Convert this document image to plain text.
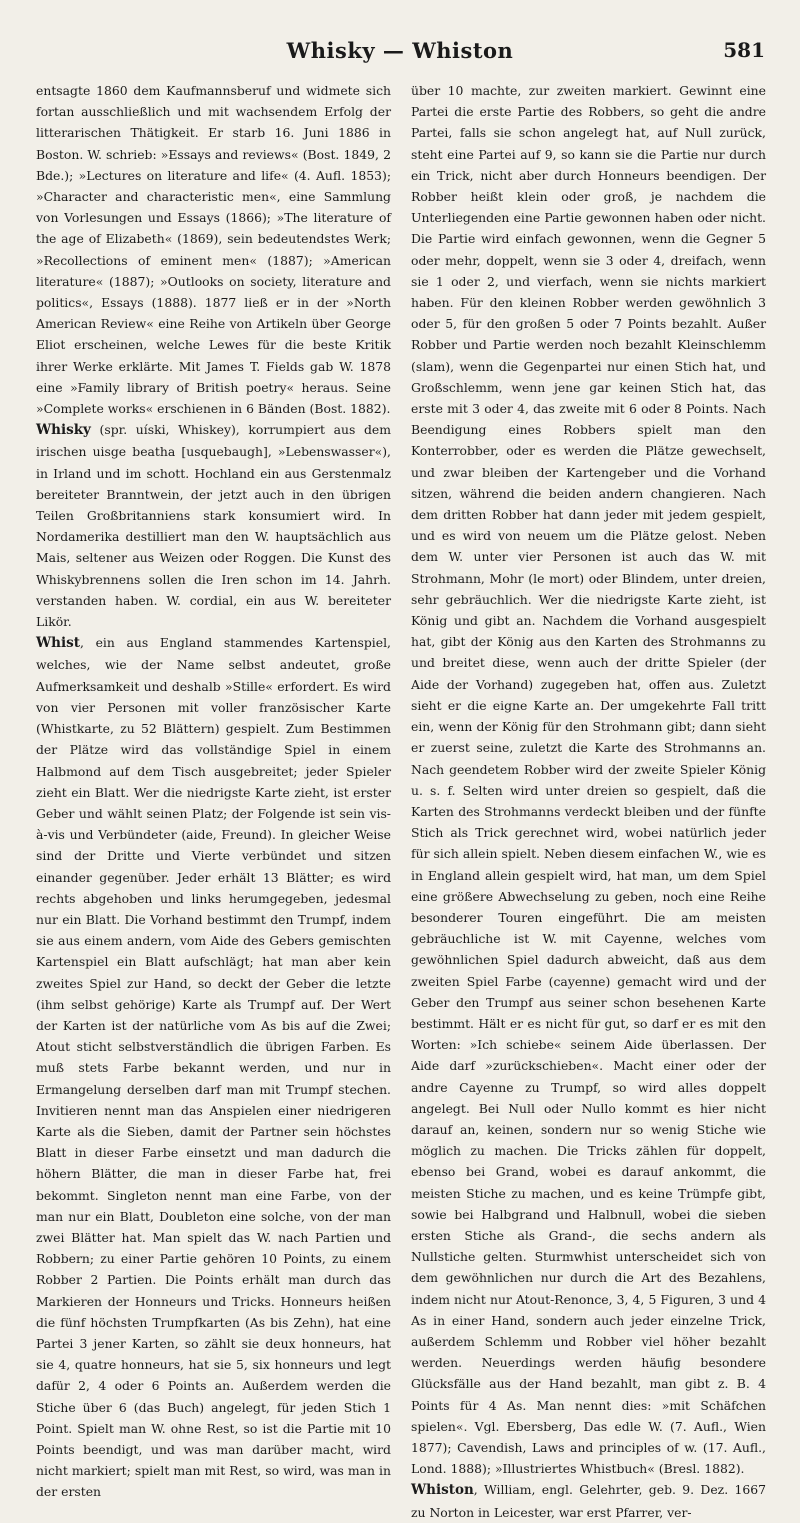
Whisky — Whiston	581

entsagte 1860 dem Kaufmannsberuf und widmete sich fortan ausschließlich und mit wachsendem Erfolg der litterarischen Thätigkeit. Er starb 16. Juni 1886 in Boston. W. schrieb: »Essays and reviews« (Bost. 1849, 2 Bde.); »Lectures on literature and life« (4. Aufl. 1853); »Character and characteristic men«, eine Sammlung von Vorlesungen und Essays (1866); »The literature of the age of Elizabeth« (1869), sein bedeutendstes Werk; »Recollections of eminent men« (1887); »American literature« (1887); »Outlooks on society, literature and politics«, Essays (1888). 1877 ließ er in der »North American Review« eine Reihe von Artikeln über George Eliot erscheinen, welche Lewes für die beste Kritik ihrer Werke erklärte. Mit James T. Fields gab W. 1878 eine »Family library of British poetry« heraus. Seine »Complete works« erschienen in 6 Bänden (Bost. 1882).

Whisky (spr. uíski, Whiskey), korrumpiert aus dem irischen uisge beatha [usquebaugh], »Lebenswasser«), in Irland und im schott. Hochland ein aus Gerstenmalz bereiteter Branntwein, der jetzt auch in den übrigen Teilen Großbritanniens stark konsumiert wird. In Nordamerika destilliert man den W. hauptsächlich aus Mais, seltener aus Weizen oder Roggen. Die Kunst des Whiskybrennens sollen die Iren schon im 14. Jahrh. verstanden haben. W. cordial, ein aus W. bereiteter Likör.

Whist, ein aus England stammendes Kartenspiel, welches, wie der Name selbst andeutet, große Aufmerksamkeit und deshalb »Stille« erfordert. Es wird von vier Personen mit voller französischer Karte (Whistkarte, zu 52 Blättern) gespielt. Zum Bestimmen der Plätze wird das vollständige Spiel in einem Halbmond auf dem Tisch ausgebreitet; jeder Spieler zieht ein Blatt. Wer die niedrigste Karte zieht, ist erster Geber und wählt seinen Platz; der Folgende ist sein vis-à-vis und Verbündeter (aide, Freund). In gleicher Weise sind der Dritte und Vierte verbündet und sitzen einander gegenüber. Jeder erhält 13 Blätter; es wird rechts abgehoben und links herumgegeben, jedesmal nur ein Blatt. Die Vorhand bestimmt den Trumpf, indem sie aus einem andern, vom Aide des Gebers gemischten Kartenspiel ein Blatt aufschlägt; hat man aber kein zweites Spiel zur Hand, so deckt der Geber die letzte (ihm selbst gehörige) Karte als Trumpf auf. Der Wert der Karten ist der natürliche vom As bis auf die Zwei; Atout sticht selbstverständlich die übrigen Farben. Es muß stets Farbe bekannt werden, und nur in Ermangelung derselben darf man mit Trumpf stechen. Invitieren nennt man das Anspielen einer niedrigeren Karte als die Sieben, damit der Partner sein höchstes Blatt in dieser Farbe einsetzt und man dadurch die höhern Blätter, die man in dieser Farbe hat, frei bekommt. Singleton nennt man eine Farbe, von der man nur ein Blatt, Doubleton eine solche, von der man zwei Blätter hat. Man spielt das W. nach Partien und Robbern; zu einer Partie gehören 10 Points, zu einem Robber 2 Partien. Die Points erhält man durch das Markieren der Honneurs und Tricks. Honneurs heißen die fünf höchsten Trumpfkarten (As bis Zehn), hat eine Partei 3 jener Karten, so zählt sie deux honneurs, hat sie 4, quatre honneurs, hat sie 5, six honneurs und legt dafür 2, 4 oder 6 Points an. Außerdem werden die Stiche über 6 (das Buch) angelegt, für jeden Stich 1 Point. Spielt man W. ohne Rest, so ist die Partie mit 10 Points beendigt, und was man darüber macht, wird nicht markiert; spielt man mit Rest, so wird, was man in der ersten

über 10 machte, zur zweiten markiert. Gewinnt eine Partei die erste Partie des Robbers, so geht die andre Partei, falls sie schon angelegt hat, auf Null zurück, steht eine Partei auf 9, so kann sie die Partie nur durch ein Trick, nicht aber durch Honneurs beendigen. Der Robber heißt klein oder groß, je nachdem die Unterliegenden eine Partie gewonnen haben oder nicht. Die Partie wird einfach gewonnen, wenn die Gegner 5 oder mehr, doppelt, wenn sie 3 oder 4, dreifach, wenn sie 1 oder 2, und vierfach, wenn sie nichts markiert haben. Für den kleinen Robber werden gewöhnlich 3 oder 5, für den großen 5 oder 7 Points bezahlt. Außer Robber und Partie werden noch bezahlt Kleinschlemm (slam), wenn die Gegenpartei nur einen Stich hat, und Großschlemm, wenn jene gar keinen Stich hat, das erste mit 3 oder 4, das zweite mit 6 oder 8 Points. Nach Beendigung eines Robbers spielt man den Konterrobber, oder es werden die Plätze gewechselt, und zwar bleiben der Kartengeber und die Vorhand sitzen, während die beiden andern changieren. Nach dem dritten Robber hat dann jeder mit jedem gespielt, und es wird von neuem um die Plätze gelost. Neben dem W. unter vier Personen ist auch das W. mit Strohmann, Mohr (le mort) oder Blindem, unter dreien, sehr gebräuchlich. Wer die niedrigste Karte zieht, ist König und gibt an. Nachdem die Vorhand ausgespielt hat, gibt der König aus den Karten des Strohmanns zu und breitet diese, wenn auch der dritte Spieler (der Aide der Vorhand) zugegeben hat, offen aus. Zuletzt sieht er die eigne Karte an. Der umgekehrte Fall tritt ein, wenn der König für den Strohmann gibt; dann sieht er zuerst seine, zuletzt die Karte des Strohmanns an. Nach geendetem Robber wird der zweite Spieler König u. s. f. Selten wird unter dreien so gespielt, daß die Karten des Strohmanns verdeckt bleiben und der fünfte Stich als Trick gerechnet wird, wobei natürlich jeder für sich allein spielt. Neben diesem einfachen W., wie es in England allein gespielt wird, hat man, um dem Spiel eine größere Abwechselung zu geben, noch eine Reihe besonderer Touren eingeführt. Die am meisten gebräuchliche ist W. mit Cayenne, welches vom gewöhnlichen Spiel dadurch abweicht, daß aus dem zweiten Spiel Farbe (cayenne) gemacht wird und der Geber den Trumpf aus seiner schon besehenen Karte bestimmt. Hält er es nicht für gut, so darf er es mit den Worten: »Ich schiebe« seinem Aide überlassen. Der Aide darf »zurückschieben«. Macht einer oder der andre Cayenne zu Trumpf, so wird alles doppelt angelegt. Bei Null oder Nullo kommt es hier nicht darauf an, keinen, sondern nur so wenig Stiche wie möglich zu machen. Die Tricks zählen für doppelt, ebenso bei Grand, wobei es darauf ankommt, die meisten Stiche zu machen, und es keine Trümpfe gibt, sowie bei Halbgrand und Halbnull, wobei die sieben ersten Stiche als Grand-, die sechs andern als Nullstiche gelten. Sturmwhist unterscheidet sich von dem gewöhnlichen nur durch die Art des Bezahlens, indem nicht nur Atout-Renonce, 3, 4, 5 Figuren, 3 und 4 As in einer Hand, sondern auch jeder einzelne Trick, außerdem Schlemm und Robber viel höher bezahlt werden. Neuerdings werden häufig besondere Glücksfälle aus der Hand bezahlt, man gibt z. B. 4 Points für 4 As. Man nennt dies: »mit Schäfchen spielen«. Vgl. Ebersberg, Das edle W. (7. Aufl., Wien 1877); Cavendish, Laws and principles of w. (17. Aufl., Lond. 1888); »Illustriertes Whistbuch« (Bresl. 1882).

Whiston, William, engl. Gelehrter, geb. 9. Dez. 1667 zu Norton in Leicester, war erst Pfarrer, ver-
